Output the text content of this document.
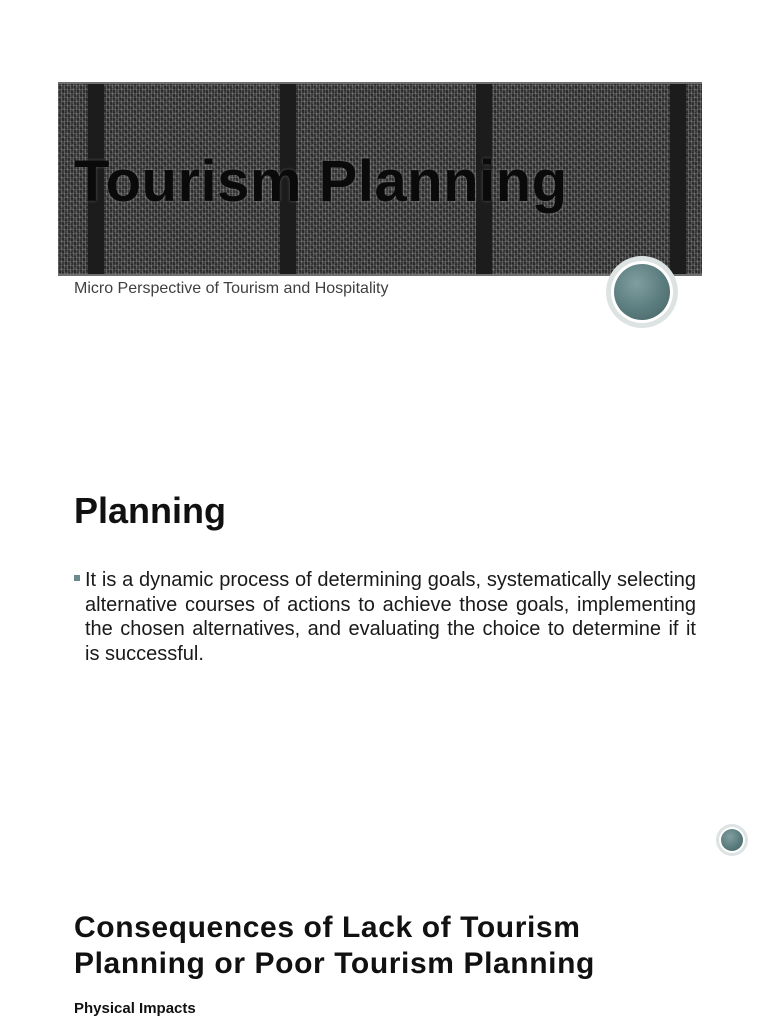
Tourism Planning

Micro Perspective of Tourism and Hospitality

Planning

It is a dynamic process of determining goals, systematically selecting alternative courses of actions to achieve those goals, implementing the chosen alternatives, and evaluating the choice to determine if it is successful.

Consequences of Lack of Tourism
Planning or Poor Tourism Planning

Physical Impacts
